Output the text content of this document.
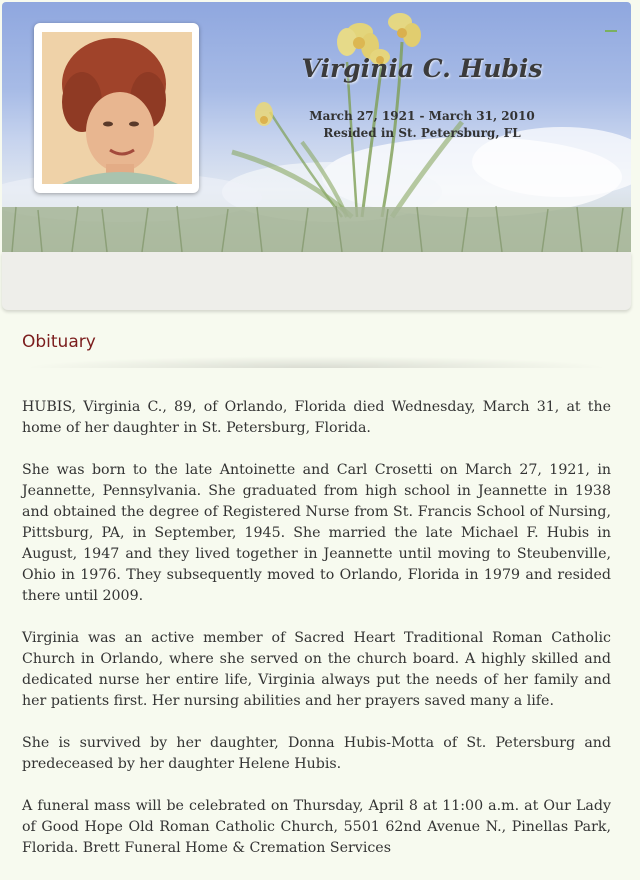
Virginia C. Hubis
March 27, 1921 - March 31, 2010
Resided in St. Petersburg, FL
Obituary

HUBIS, Virginia C., 89, of Orlando, Florida died Wednesday, March 31, at the home of her daughter in St. Petersburg, Florida.

She was born to the late Antoinette and Carl Crosetti on March 27, 1921, in Jeannette, Pennsylvania. She graduated from high school in Jeannette in 1938 and obtained the degree of Registered Nurse from St. Francis School of Nursing, Pittsburg, PA, in September, 1945. She married the late Michael F. Hubis in August, 1947 and they lived together in Jeannette until moving to Steubenville, Ohio in 1976. They subsequently moved to Orlando, Florida in 1979 and resided there until 2009.

Virginia was an active member of Sacred Heart Traditional Roman Catholic Church in Orlando, where she served on the church board. A highly skilled and dedicated nurse her entire life, Virginia always put the needs of her family and her patients first. Her nursing abilities and her prayers saved many a life.

She is survived by her daughter, Donna Hubis-Motta of St. Petersburg and predeceased by her daughter Helene Hubis.

A funeral mass will be celebrated on Thursday, April 8 at 11:00 a.m. at Our Lady of Good Hope Old Roman Catholic Church, 5501 62nd Avenue N., Pinellas Park, Florida. Brett Funeral Home & Cremation Services
